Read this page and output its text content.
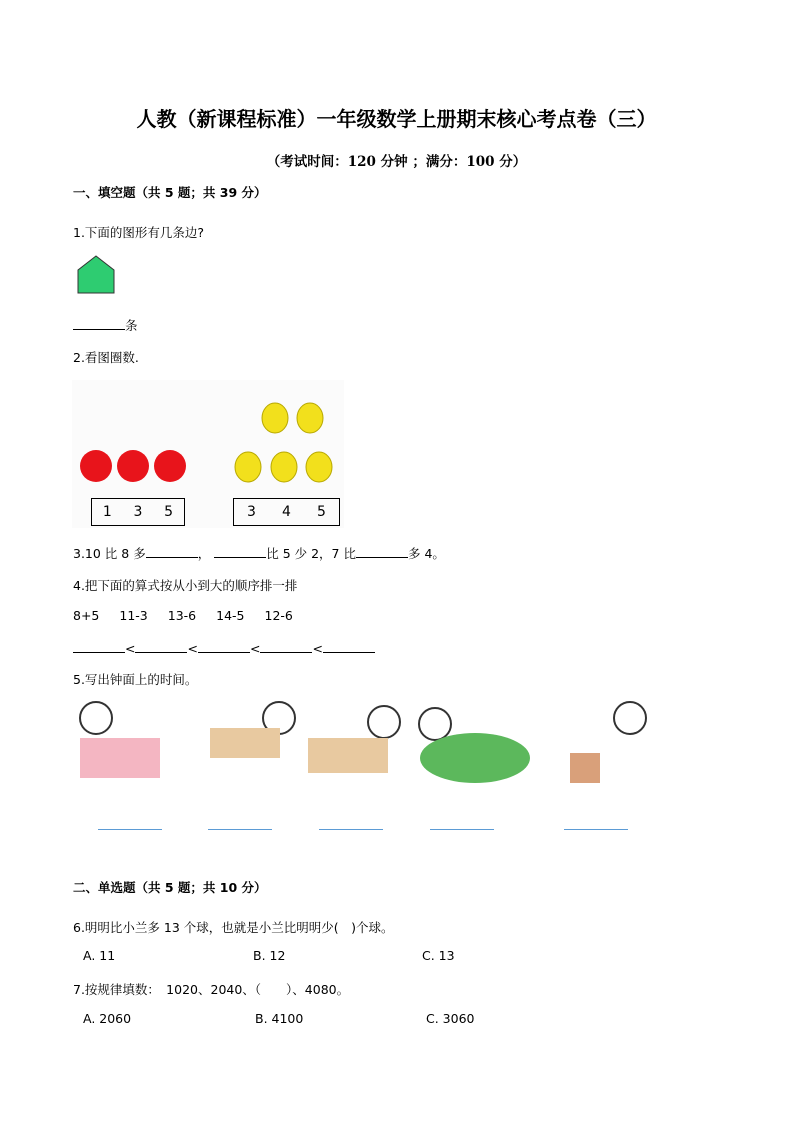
人教（新课程标准）一年级数学上册期末核心考点卷（三）
（考试时间：120 分钟 ；满分：100 分）
一、填空题（共 5 题；共 39 分）
1.下面的图形有几条边?
条
2.看图圈数.
1 3 5	3 4 5
3.10 比 8 多	，	比 5 少 2，7 比	多 4。
4.把下面的算式按从小到大的顺序排一排
8+5 11-3 13-6 14-5 12-6
<	<	<	<
5.写出钟面上的时间。
二、单选题（共 5 题；共 10 分）
6.明明比小兰多 13 个球，也就是小兰比明明少(　)个球。
A. 11	B. 12	C. 13
7.按规律填数：　1020、2040、（　　）、4080。
A. 2060	B. 4100	C. 3060
